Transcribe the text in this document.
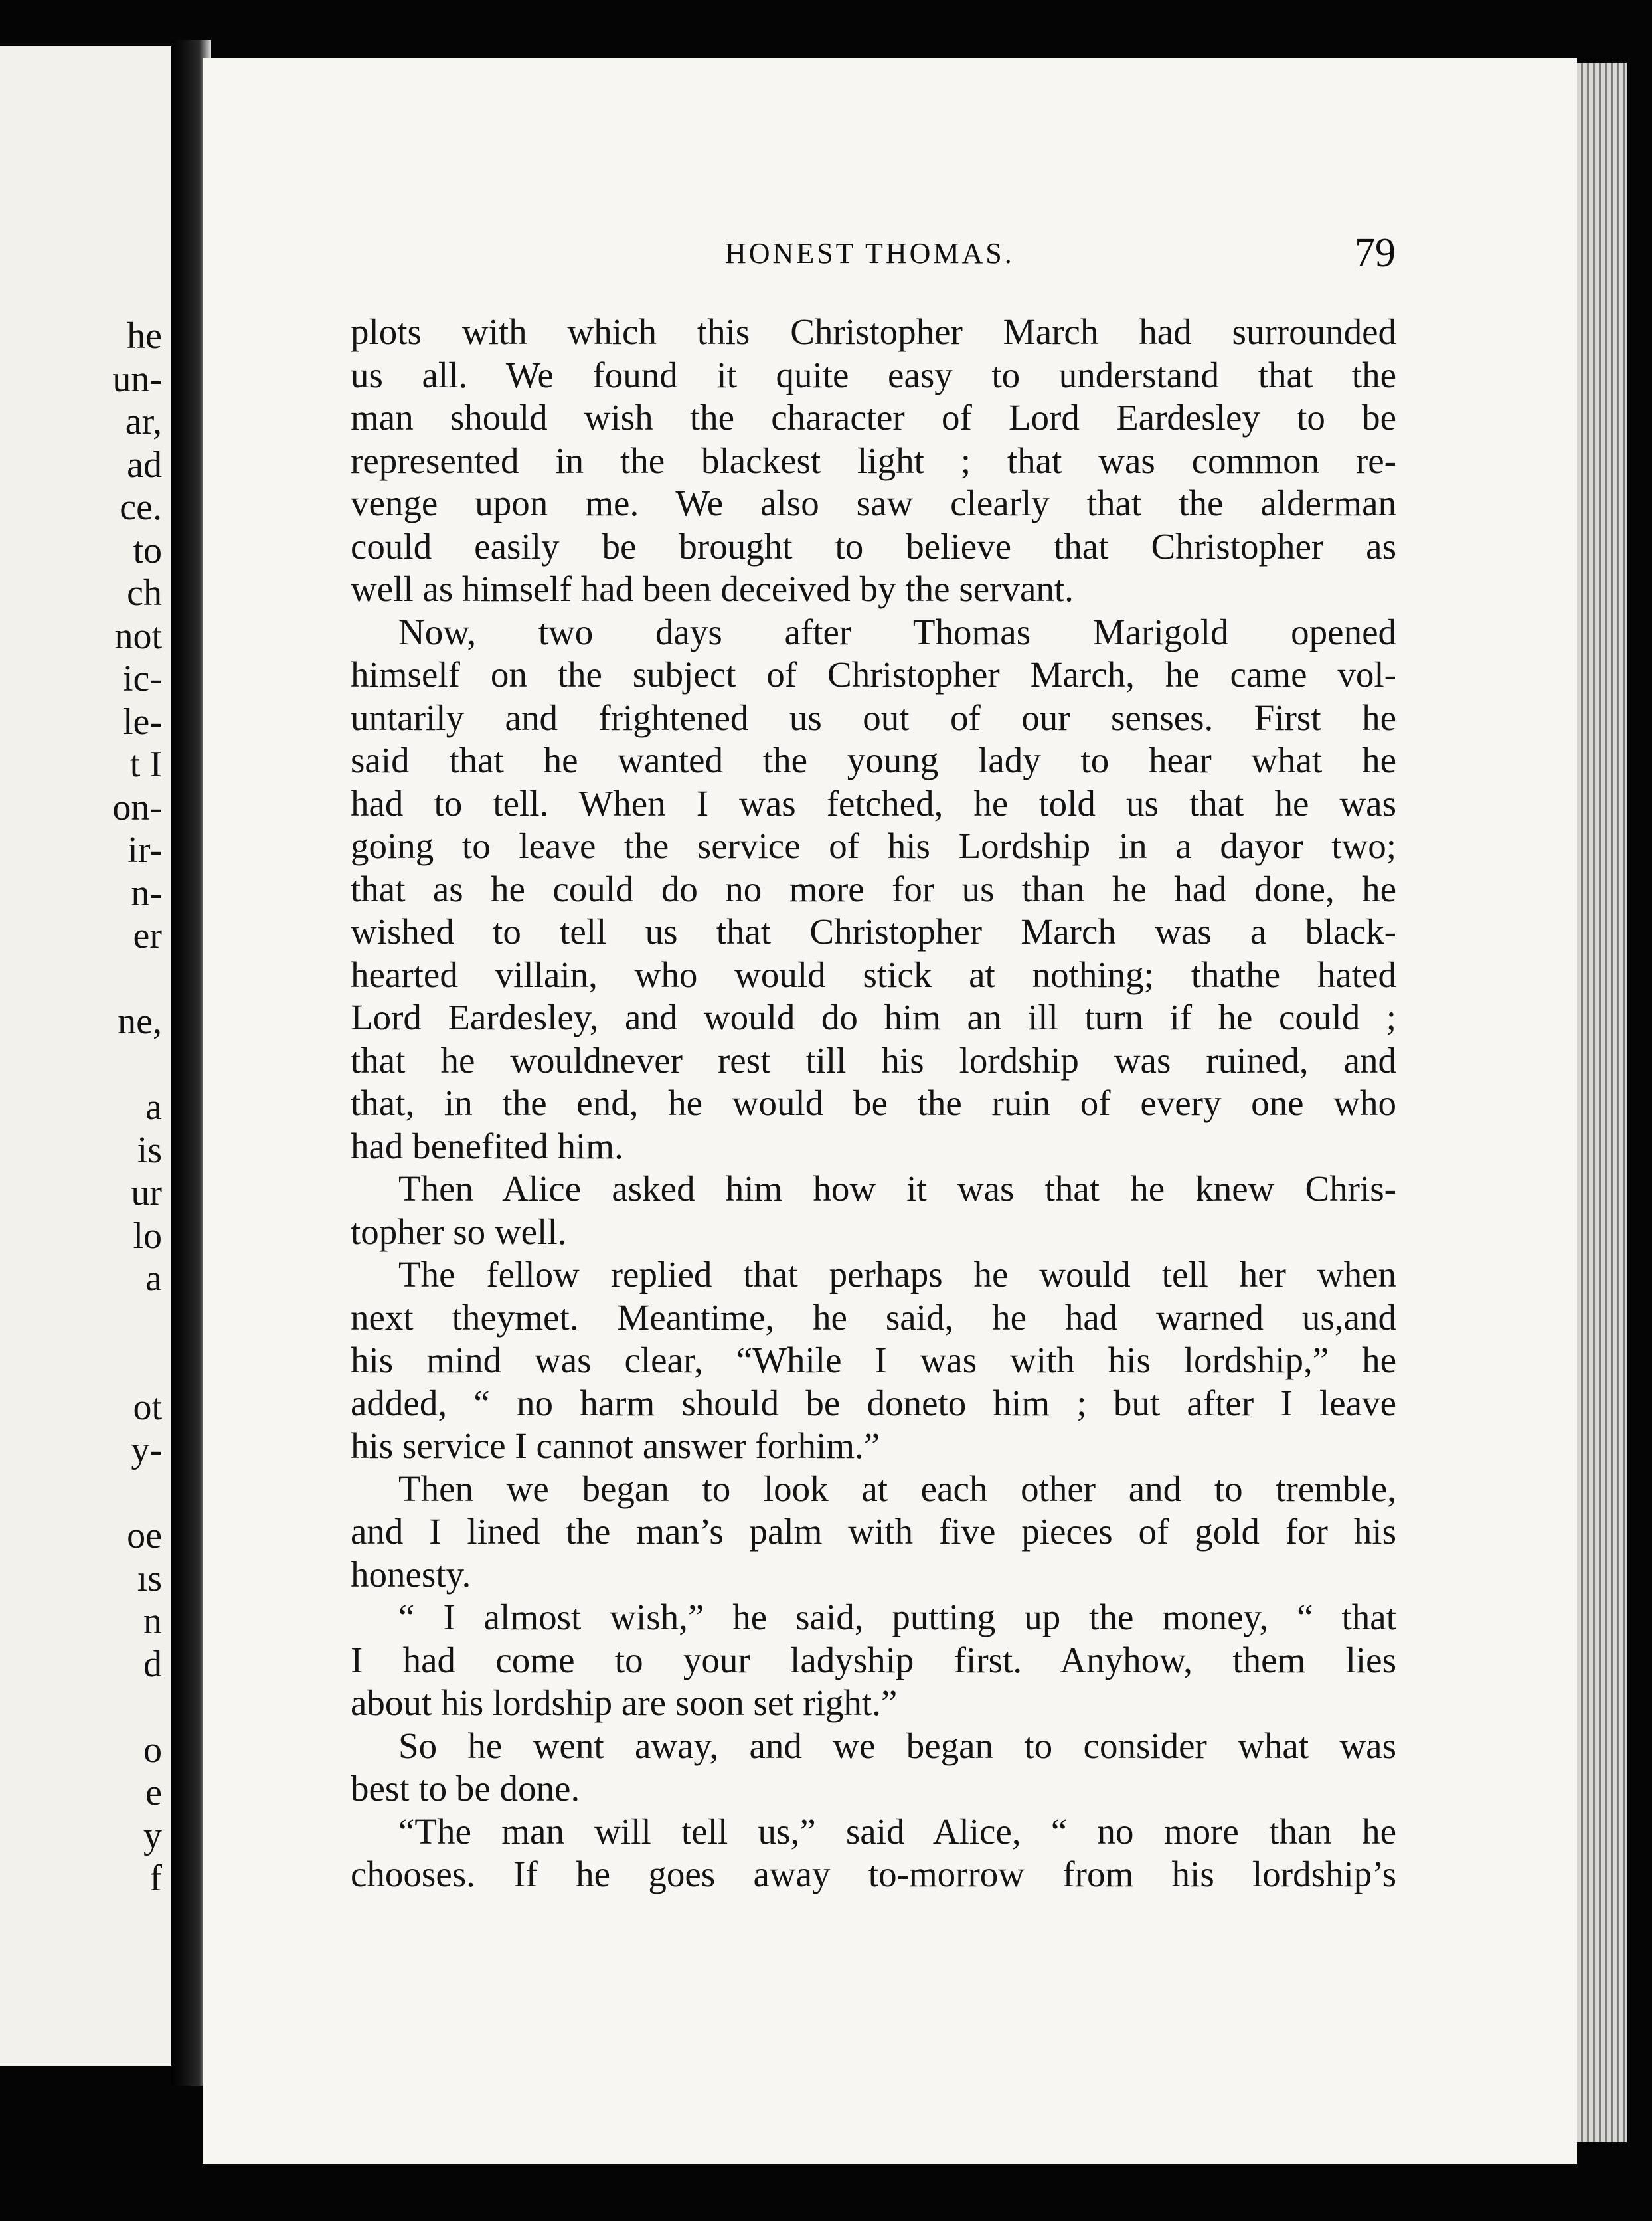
he
un-
ar,
ad
ce.
to
ch
not
ic-
le-
t I
on-
ir-
n-
er
ne,
a
is
ur
lo
a
ot
y-
oe
ıs
n
d
o
e
y
f
HONEST THOMAS.	79
plots with which this Christopher March had surrounded
us all. We found it quite easy to understand that the
man should wish the character of Lord Eardesley to be
represented in the blackest light ; that was common re-
venge upon me. We also saw clearly that the alderman
could easily be brought to believe that Christopher as
well as himself had been deceived by the servant.
Now, two days after Thomas Marigold opened
himself on the subject of Christopher March, he came vol-
untarily and frightened us out of our senses. First he
said that he wanted the young lady to hear what he
had to tell. When I was fetched, he told us that he was
going to leave the service of his Lordship in a dayor two;
that as he could do no more for us than he had done, he
wished to tell us that Christopher March was a black-
hearted villain, who would stick at nothing; thathe hated
Lord Eardesley, and would do him an ill turn if he could ;
that he wouldnever rest till his lordship was ruined, and
that, in the end, he would be the ruin of every one who
had benefited him.
Then Alice asked him how it was that he knew Chris-
topher so well.
The fellow replied that perhaps he would tell her when
next theymet. Meantime, he said, he had warned us,and
his mind was clear, “While I was with his lordship,” he
added, “ no harm should be doneto him ; but after I leave
his service I cannot answer forhim.”
Then we began to look at each other and to tremble,
and I lined the man’s palm with five pieces of gold for his
honesty.
“ I almost wish,” he said, putting up the money, “ that
I had come to your ladyship first. Anyhow, them lies
about his lordship are soon set right.”
So he went away, and we began to consider what was
best to be done.
“The man will tell us,” said Alice, “ no more than he
chooses. If he goes away to-morrow from his lordship’s
